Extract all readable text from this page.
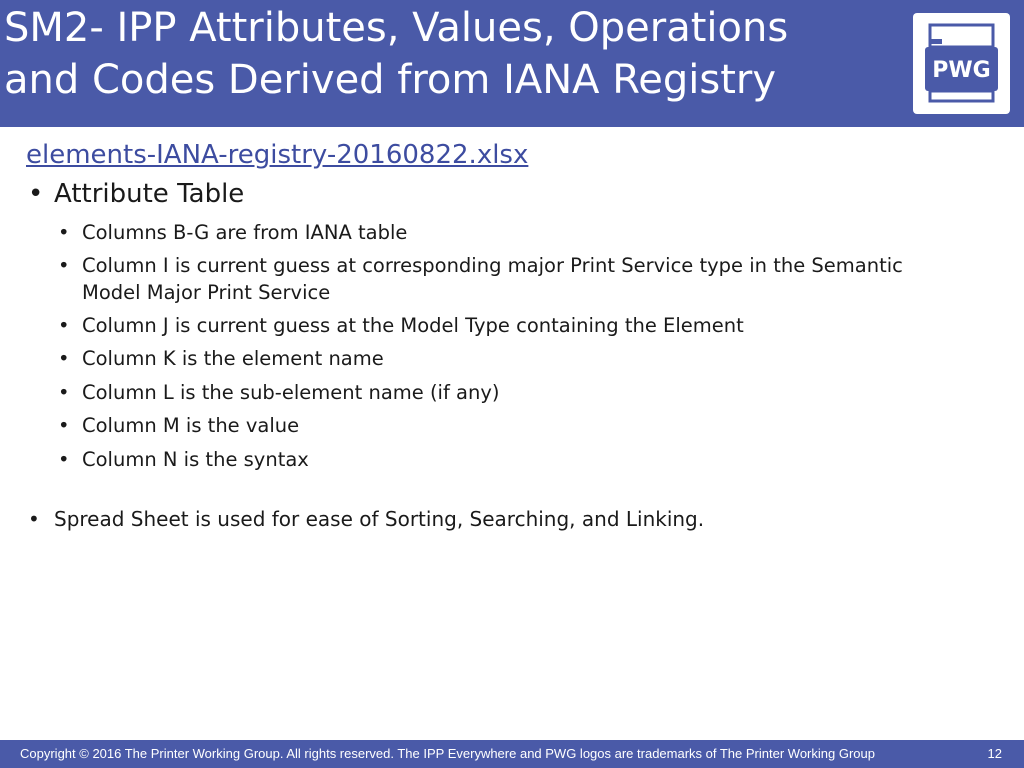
SM2- IPP Attributes, Values, Operations
and Codes Derived from IANA Registry	PWG
elements-IANA-registry-20160822.xlsx
• Attribute Table
• Columns B-G are from IANA table
• Column I is current guess at corresponding major Print Service type in the Semantic Model Major Print Service
• Column J is current guess at the Model Type containing the Element
• Column K is the element name
• Column L is the sub-element name (if any)
• Column M is the value
• Column N is the syntax
• Spread Sheet is used for ease of Sorting, Searching, and Linking.
Copyright © 2016 The Printer Working Group. All rights reserved. The IPP Everywhere and PWG logos are trademarks of The Printer Working Group	12
